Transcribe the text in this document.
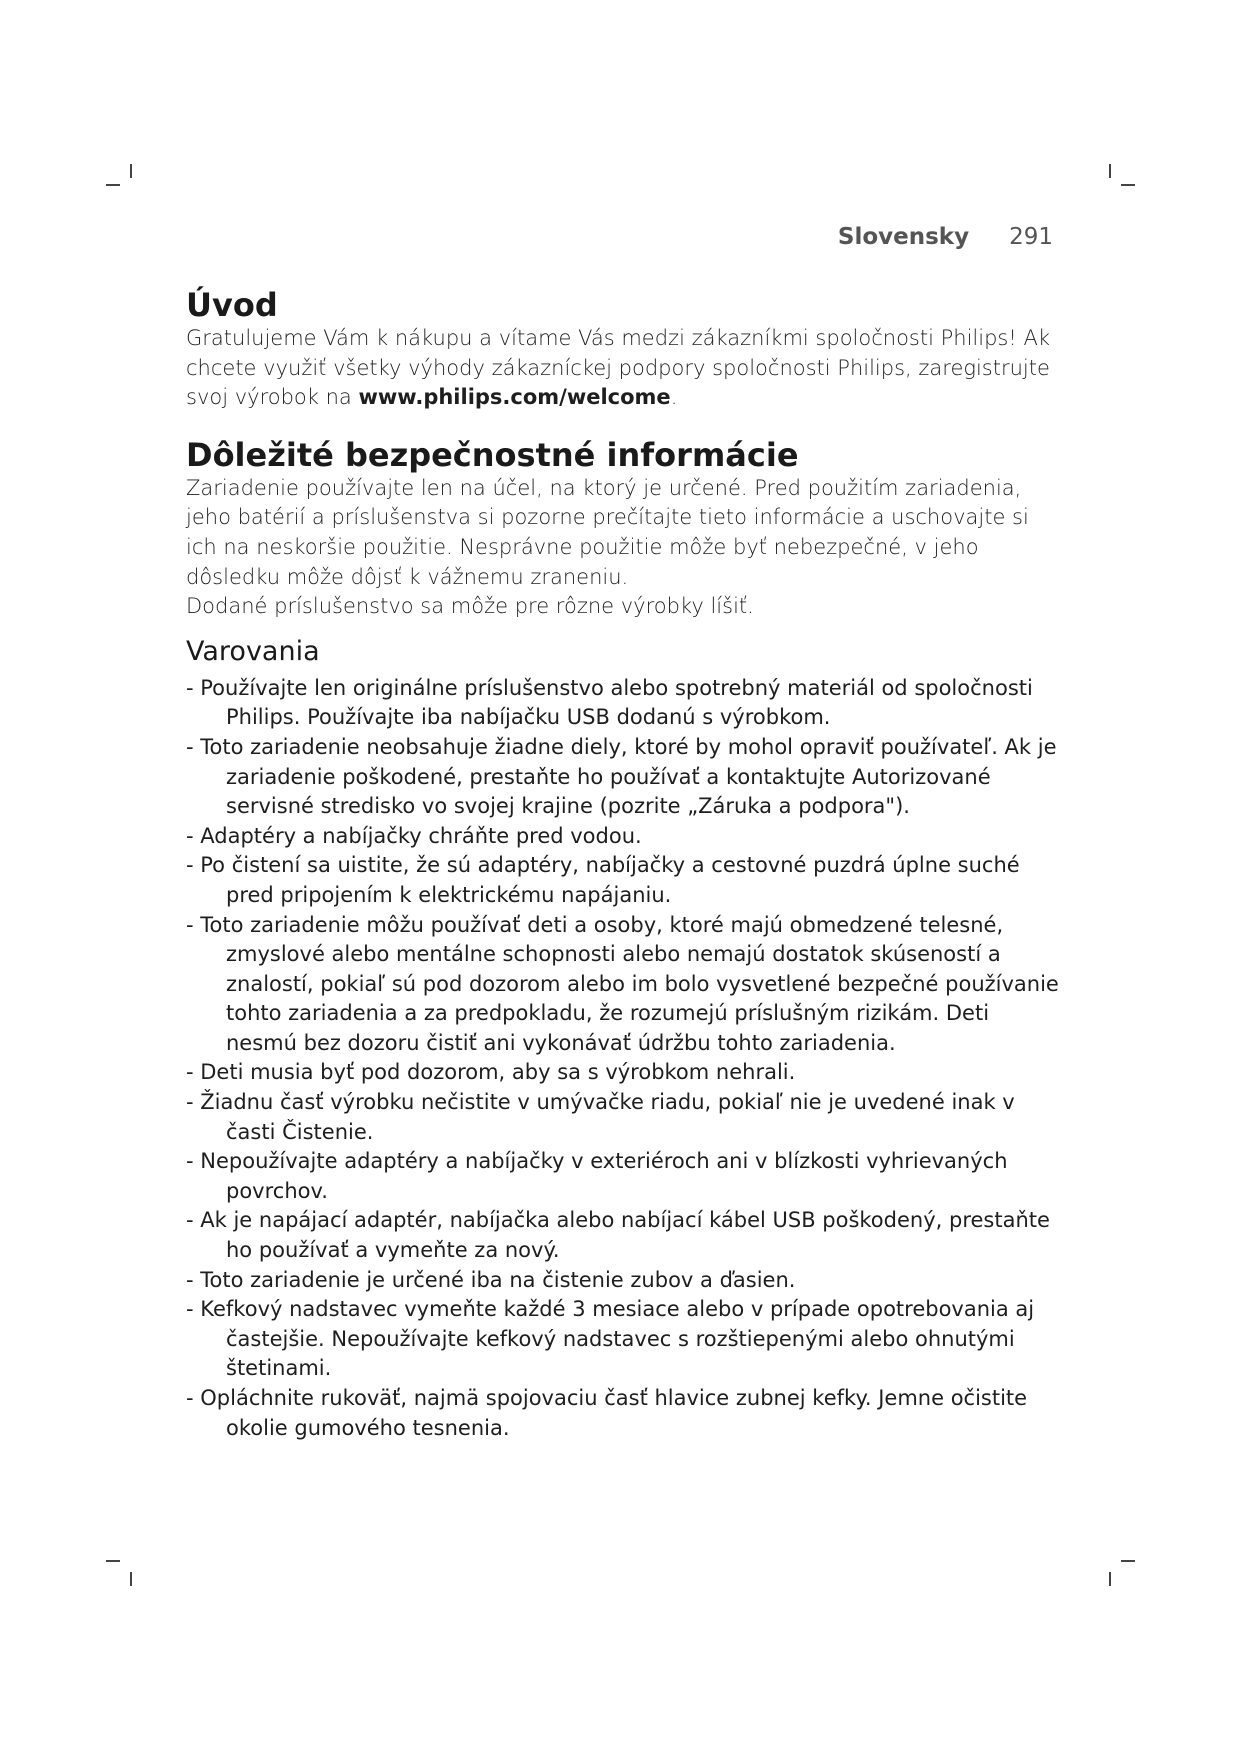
Slovensky 291
Úvod

Gratulujeme Vám k nákupu a vítame Vás medzi zákazníkmi spoločnosti Philips! Ak chcete využiť všetky výhody zákazníckej podpory spoločnosti Philips, zaregistrujte svoj výrobok na www.philips.com/welcome.

Dôležité bezpečnostné informácie

Zariadenie používajte len na účel, na ktorý je určené. Pred použitím zariadenia, jeho batérií a príslušenstva si pozorne prečítajte tieto informácie a uschovajte si ich na neskoršie použitie. Nesprávne použitie môže byť nebezpečné, v jeho dôsledku môže dôjsť k vážnemu zraneniu.

Dodané príslušenstvo sa môže pre rôzne výrobky líšiť.

Varovania
- Používajte len originálne príslušenstvo alebo spotrebný materiál od spoločnosti Philips. Používajte iba nabíjačku USB dodanú s výrobkom.
- Toto zariadenie neobsahuje žiadne diely, ktoré by mohol opraviť používateľ. Ak je zariadenie poškodené, prestaňte ho používať a kontaktujte Autorizované servisné stredisko vo svojej krajine (pozrite „Záruka a podpora").
- Adaptéry a nabíjačky chráňte pred vodou.
- Po čistení sa uistite, že sú adaptéry, nabíjačky a cestovné puzdrá úplne suché pred pripojením k elektrickému napájaniu.
- Toto zariadenie môžu používať deti a osoby, ktoré majú obmedzené telesné, zmyslové alebo mentálne schopnosti alebo nemajú dostatok skúseností a znalostí, pokiaľ sú pod dozorom alebo im bolo vysvetlené bezpečné používanie tohto zariadenia a za predpokladu, že rozumejú príslušným rizikám. Deti nesmú bez dozoru čistiť ani vykonávať údržbu tohto zariadenia.
- Deti musia byť pod dozorom, aby sa s výrobkom nehrali.
- Žiadnu časť výrobku nečistite v umývačke riadu, pokiaľ nie je uvedené inak v časti Čistenie.
- Nepoužívajte adaptéry a nabíjačky v exteriéroch ani v blízkosti vyhrievaných povrchov.
- Ak je napájací adaptér, nabíjačka alebo nabíjací kábel USB poškodený, prestaňte ho používať a vymeňte za nový.
- Toto zariadenie je určené iba na čistenie zubov a ďasien.
- Kefkový nadstavec vymeňte každé 3 mesiace alebo v prípade opotrebovania aj častejšie. Nepoužívajte kefkový nadstavec s rozštiepenými alebo ohnutými štetinami.
- Opláchnite rukoväť, najmä spojovaciu časť hlavice zubnej kefky. Jemne očistite okolie gumového tesnenia.
